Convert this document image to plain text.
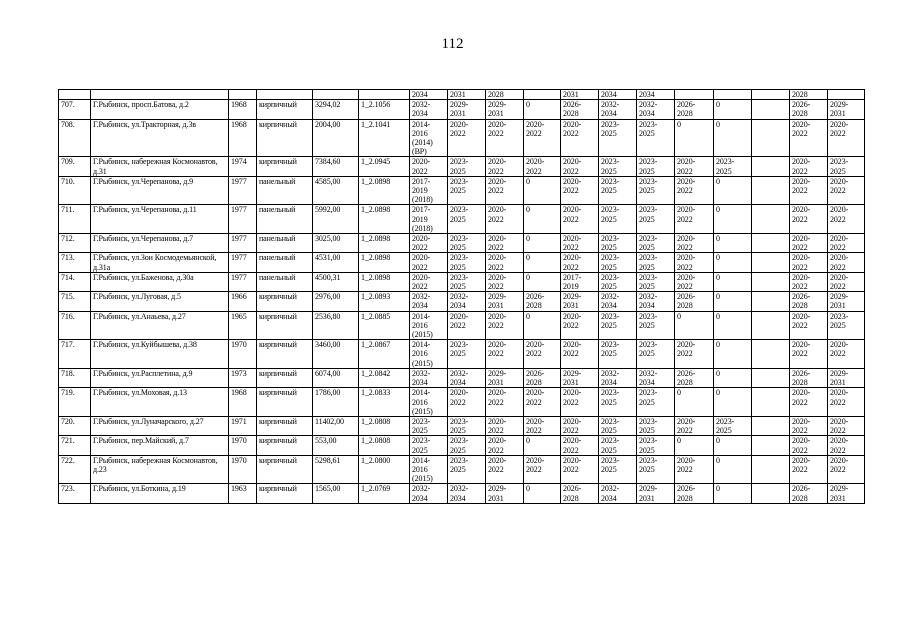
112
						2034	2031	2028		2031	2034	2034				2028	
707.	Г.Рыбинск, просп.Батова, д.2	1968	кирпичный	3294,02	1_2.1056	2032-
2034	2029-
2031	2029-
2031	0	2026-
2028	2032-
2034	2032-
2034	2026-
2028	0		2026-
2028	2029-
2031
708.	Г.Рыбинск, ул.Тракторная, д.3в	1968	кирпичный	2004,00	1_2.1041	2014-
2016
(2014)
(ВР)	2020-
2022	2020-
2022	2020-
2022	2020-
2022	2023-
2025	2023-
2025	0	0		2020-
2022	2020-
2022
709.	Г.Рыбинск, набережная Космонавтов, д.31	1974	кирпичный	7384,60	1_2.0945	2020-
2022	2023-
2025	2020-
2022	2020-
2022	2020-
2022	2023-
2025	2023-
2025	2020-
2022	2023-
2025		2020-
2022	2023-
2025
710.	Г.Рыбинск, ул.Черепанова, д.9	1977	панельный	4585,00	1_2.0898	2017-
2019
(2018)	2023-
2025	2020-
2022	0	2020-
2022	2023-
2025	2023-
2025	2020-
2022	0		2020-
2022	2020-
2022
711.	Г.Рыбинск, ул.Черепанова, д.11	1977	панельный	5992,00	1_2.0898	2017-
2019
(2018)	2023-
2025	2020-
2022	0	2020-
2022	2023-
2025	2023-
2025	2020-
2022	0		2020-
2022	2020-
2022
712.	Г.Рыбинск, ул.Черепанова, д.7	1977	панельный	3025,00	1_2.0898	2020-
2022	2023-
2025	2020-
2022	0	2020-
2022	2023-
2025	2023-
2025	2020-
2022	0		2020-
2022	2020-
2022
713.	Г.Рыбинск, ул.Зои Космодемьянской, д.31а	1977	панельный	4531,00	1_2.0898	2020-
2022	2023-
2025	2020-
2022	0	2020-
2022	2023-
2025	2023-
2025	2020-
2022	0		2020-
2022	2020-
2022
714.	Г.Рыбинск, ул.Баженова, д.30а	1977	панельный	4500,31	1_2.0898	2020-
2022	2023-
2025	2020-
2022	0	2017-
2019	2023-
2025	2023-
2025	2020-
2022	0		2020-
2022	2020-
2022
715.	Г.Рыбинск, ул.Луговая, д.5	1966	кирпичный	2976,00	1_2.0893	2032-
2034	2032-
2034	2029-
2031	2026-
2028	2029-
2031	2032-
2034	2032-
2034	2026-
2028	0		2026-
2028	2029-
2031
716.	Г.Рыбинск, ул.Анаьева, д.27	1965	кирпичный	2536,80	1_2.0885	2014-
2016
(2015)	2020-
2022	2020-
2022	0	2020-
2022	2023-
2025	2023-
2025	0	0		2020-
2022	2023-
2025
717.	Г.Рыбинск, ул.Куйбышева, д.38	1970	кирпичный	3460,00	1_2.0867	2014-
2016
(2015)	2023-
2025	2020-
2022	2020-
2022	2020-
2022	2023-
2025	2023-
2025	2020-
2022	0		2020-
2022	2020-
2022
718.	Г.Рыбинск, ул.Расплетина, д.9	1973	кирпичный	6074,00	1_2.0842	2032-
2034	2032-
2034	2029-
2031	2026-
2028	2029-
2031	2032-
2034	2032-
2034	2026-
2028	0		2026-
2028	2029-
2031
719.	Г.Рыбинск, ул.Моховая, д.13	1968	кирпичный	1786,00	1_2.0833	2014-
2016
(2015)	2020-
2022	2020-
2022	2020-
2022	2020-
2022	2023-
2025	2023-
2025	0	0		2020-
2022	2020-
2022
720.	Г.Рыбинск, ул.Луначарского, д.27	1971	кирпичный	11402,00	1_2.0808	2023-
2025	2023-
2025	2020-
2022	2020-
2022	2020-
2022	2023-
2025	2023-
2025	2020-
2022	2023-
2025		2020-
2022	2020-
2022
721.	Г.Рыбинск, пер.Майский, д.7	1970	кирпичный	553,00	1_2.0808	2023-
2025	2023-
2025	2020-
2022	0	2020-
2022	2023-
2025	2023-
2025	0	0		2020-
2022	2020-
2022
722.	Г.Рыбинск, набережная Космонавтов, д.23	1970	кирпичный	5298,61	1_2.0800	2014-
2016
(2015)	2023-
2025	2020-
2022	2020-
2022	2020-
2022	2023-
2025	2023-
2025	2020-
2022	0		2020-
2022	2020-
2022
723.	Г.Рыбинск, ул.Боткина, д.19	1963	кирпичный	1565,00	1_2.0769	2032-
2034	2032-
2034	2029-
2031	0	2026-
2028	2032-
2034	2029-
2031	2026-
2028	0		2026-
2028	2029-
2031
